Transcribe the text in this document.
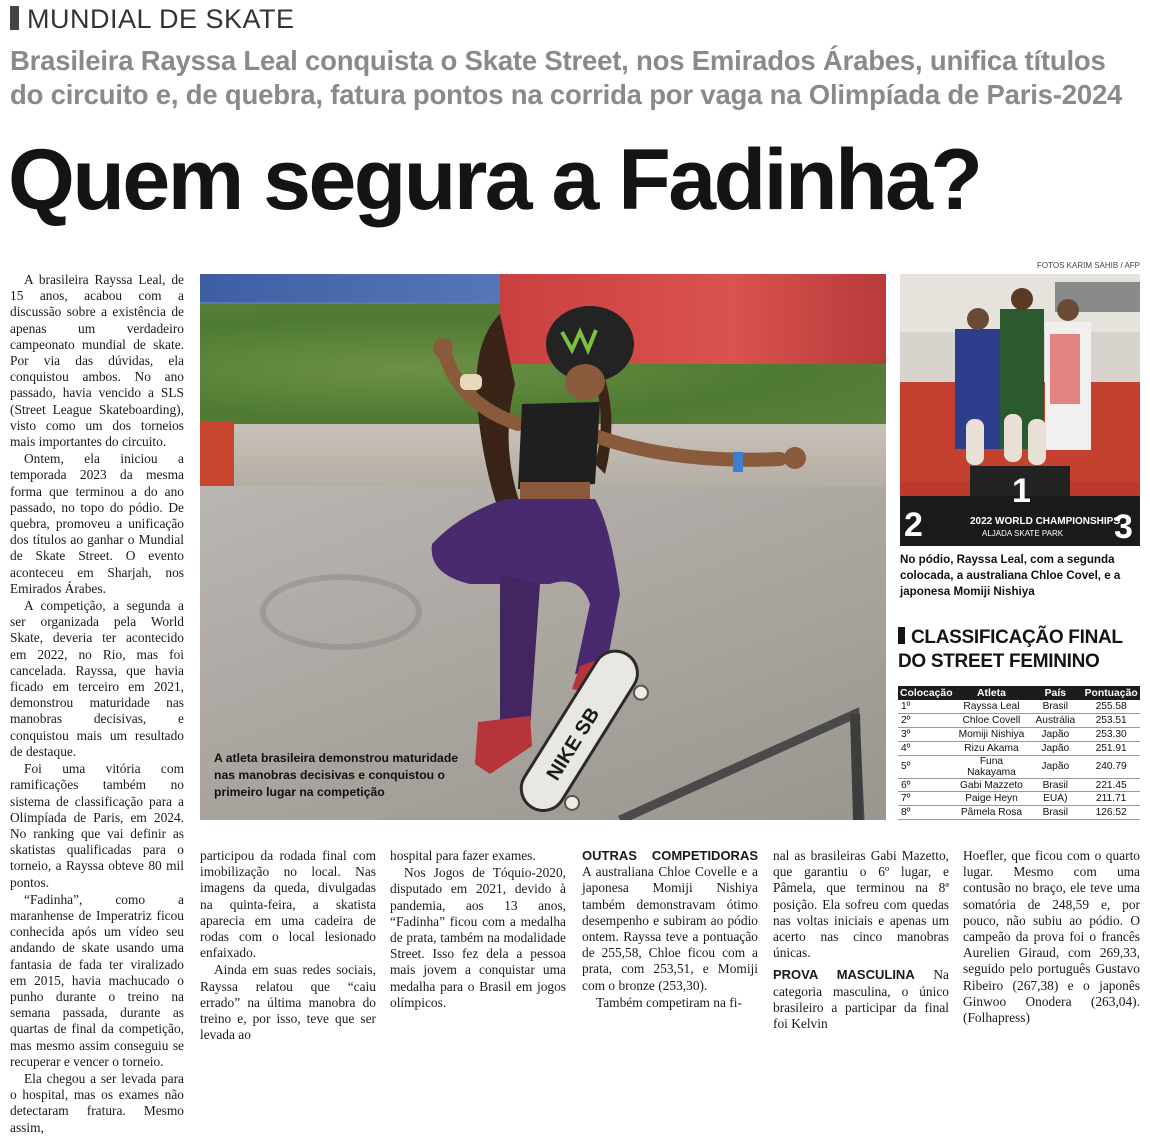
MUNDIAL DE SKATE
Brasileira Rayssa Leal conquista o Skate Street, nos Emirados Árabes, unifica títulos do circuito e, de quebra, fatura pontos na corrida por vaga na Olimpíada de Paris-2024
Quem segura a Fadinha?
FOTOS KARIM SAHIB / AFP

A brasileira Rayssa Leal, de 15 anos, acabou com a discussão sobre a existência de apenas um verdadeiro campeonato mundial de skate. Por via das dúvidas, ela conquistou ambos. No ano passado, havia vencido a SLS (Street League Skateboarding), visto como um dos torneios mais importantes do circuito.

Ontem, ela iniciou a temporada 2023 da mesma forma que terminou a do ano passado, no topo do pódio. De quebra, promoveu a unificação dos títulos ao ganhar o Mundial de Skate Street. O evento aconteceu em Sharjah, nos Emirados Árabes.

A competição, a segunda a ser organizada pela World Skate, deveria ter acontecido em 2022, no Rio, mas foi cancelada. Rayssa, que havia ficado em terceiro em 2021, demonstrou maturidade nas manobras decisivas, e conquistou mais um resultado de destaque.

Foi uma vitória com ramificações também no sistema de classificação para a Olimpíada de Paris, em 2024. No ranking que vai definir as skatistas qualificadas para o torneio, a Rayssa obteve 80 mil pontos.

“Fadinha”, como a maranhense de Imperatriz ficou conhecida após um vídeo seu andando de skate usando uma fantasia de fada ter viralizado em 2015, havia machucado o punho durante o treino na semana passada, durante as quartas de final da competição, mas mesmo assim conseguiu se recuperar e vencer o torneio.

Ela chegou a ser levada para o hospital, mas os exames não detectaram fratura. Mesmo assim,

NIKE SB
A atleta brasileira demonstrou maturidade nas manobras decisivas e conquistou o primeiro lugar na competição
1
2	3
2022 WORLD CHAMPIONSHIPS
ALJADA SKATE PARK
No pódio, Rayssa Leal, com a segunda colocada, a australiana Chloe Covel, e a japonesa Momiji Nishiya
CLASSIFICAÇÃO FINAL DO STREET FEMININO
Colocação	Atleta	País	Pontuação
1º	Rayssa Leal	Brasil	255.58
2º	Chloe Covell	Austrália	253.51
3º	Momiji Nishiya	Japão	253.30
4º	Rizu Akama	Japão	251.91
5º	Funa Nakayama	Japão	240.79
6º	Gabi Mazzeto	Brasil	221.45
7º	Paige Heyn	EUA)	211.71
8º	Pâmela Rosa	Brasil	126.52

participou da rodada final com imobilização no local. Nas imagens da queda, divulgadas na quinta-feira, a skatista aparecia em uma cadeira de rodas com o local lesionado enfaixado.

Ainda em suas redes sociais, Rayssa relatou que “caiu errado” na última manobra do treino e, por isso, teve que ser levada ao

hospital para fazer exames.

Nos Jogos de Tóquio-2020, disputado em 2021, devido à pandemia, aos 13 anos, “Fadinha” ficou com a medalha de prata, também na modalidade Street. Isso fez dela a pessoa mais jovem a conquistar uma medalha para o Brasil em jogos olímpicos.

OUTRAS COMPETIDORAS A australiana Chloe Covelle e a japonesa Momiji Nishiya também demonstravam ótimo desempenho e subiram ao pódio ontem. Rayssa teve a pontuação de 255,58, Chloe ficou com a prata, com 253,51, e Momiji com o bronze (253,30).

Também competiram na fi-

nal as brasileiras Gabi Mazetto, que garantiu o 6º lugar, e Pâmela, que terminou na 8ª posição. Ela sofreu com quedas nas voltas iniciais e apenas um acerto nas cinco manobras únicas.

PROVA MASCULINA Na categoria masculina, o único brasileiro a participar da final foi Kelvin

Hoefler, que ficou com o quarto lugar. Mesmo com uma contusão no braço, ele teve uma somatória de 248,59 e, por pouco, não subiu ao pódio. O campeão da prova foi o francês Aurelien Giraud, com 269,33, seguido pelo português Gustavo Ribeiro (267,38) e o japonês Ginwoo Onodera (263,04). (Folhapress)
